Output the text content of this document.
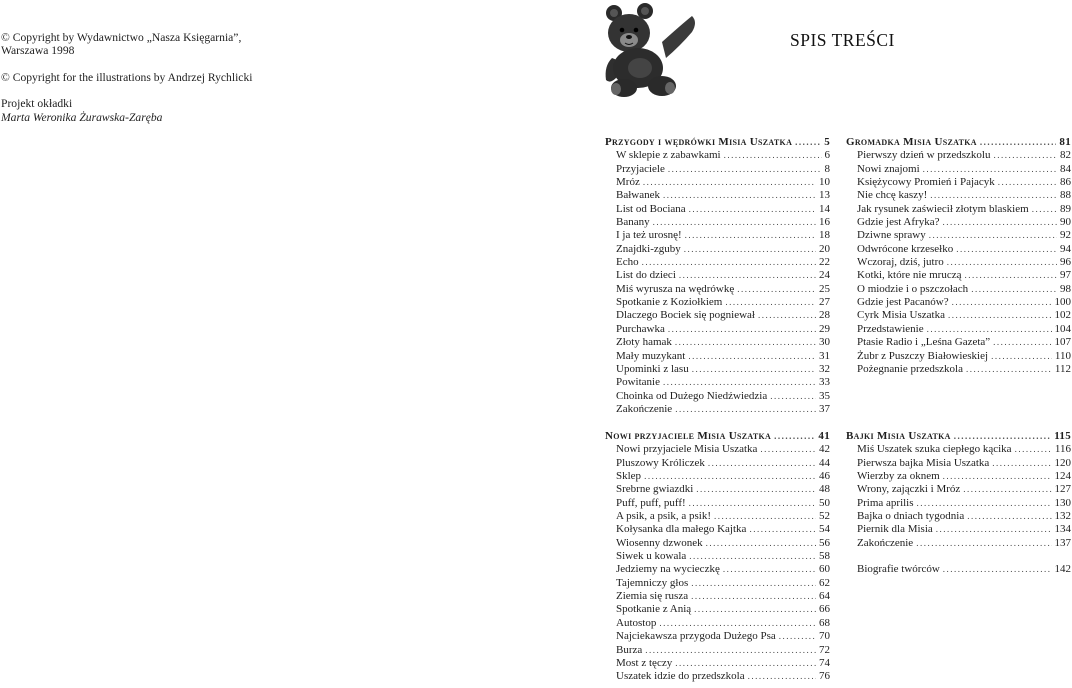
© Copyright by Wydawnictwo „Nasza Księgarnia”,

Warszawa 1998

© Copyright for the illustrations by Andrzej Rychlicki

Projekt okładki

Marta Weronika Żurawska-Zaręba

SPIS TREŚCI
Przygody i wędrówki Misia Uszatka .....	5
W sklepie z zabawkami .....	6
Przyjaciele .....	8
Mróz .....	10
Bałwanek .....	13
List od Bociana .....	14
Banany .....	16
I ja też urosnę! .....	18
Znajdki-zguby .....	20
Echo .....	22
List do dzieci .....	24
Miś wyrusza na wędrówkę .....	25
Spotkanie z Koziołkiem .....	27
Dlaczego Bociek się pogniewał .....	28
Purchawka .....	29
Złoty hamak .....	30
Mały muzykant .....	31
Upominki z lasu .....	32
Powitanie .....	33
Choinka od Dużego Niedźwiedzia .....	35
Zakończenie .....	37
Gromadka Misia Uszatka .....	81
Pierwszy dzień w przedszkolu .....	82
Nowi znajomi .....	84
Księżycowy Promień i Pajacyk .....	86
Nie chcę kaszy! .....	88
Jak rysunek zaświecił złotym blaskiem .....	89
Gdzie jest Afryka? .....	90
Dziwne sprawy .....	92
Odwrócone krzesełko .....	94
Wczoraj, dziś, jutro .....	96
Kotki, które nie mruczą .....	97
O miodzie i o pszczołach .....	98
Gdzie jest Pacanów? .....	100
Cyrk Misia Uszatka .....	102
Przedstawienie .....	104
Ptasie Radio i „Leśna Gazeta” .....	107
Żubr z Puszczy Białowieskiej .....	110
Pożegnanie przedszkola .....	112
Nowi przyjaciele Misia Uszatka .....	41
Nowi przyjaciele Misia Uszatka .....	42
Pluszowy Króliczek .....	44
Sklep .....	46
Srebrne gwiazdki .....	48
Puff, puff, puff! .....	50
A psik, a psik, a psik! .....	52
Kołysanka dla małego Kajtka .....	54
Wiosenny dzwonek .....	56
Siwek u kowala .....	58
Jedziemy na wycieczkę .....	60
Tajemniczy głos .....	62
Ziemia się rusza .....	64
Spotkanie z Anią .....	66
Autostop .....	68
Najciekawsza przygoda Dużego Psa .....	70
Burza .....	72
Most z tęczy .....	74
Uszatek idzie do przedszkola .....	76
Bajki Misia Uszatka .....	115
Miś Uszatek szuka ciepłego kącika .....	116
Pierwsza bajka Misia Uszatka .....	120
Wierzby za oknem .....	124
Wrony, zajączki i Mróz .....	127
Prima aprilis .....	130
Bajka o dniach tygodnia .....	132
Piernik dla Misia .....	134
Zakończenie .....	137
Biografie twórców .....	142
